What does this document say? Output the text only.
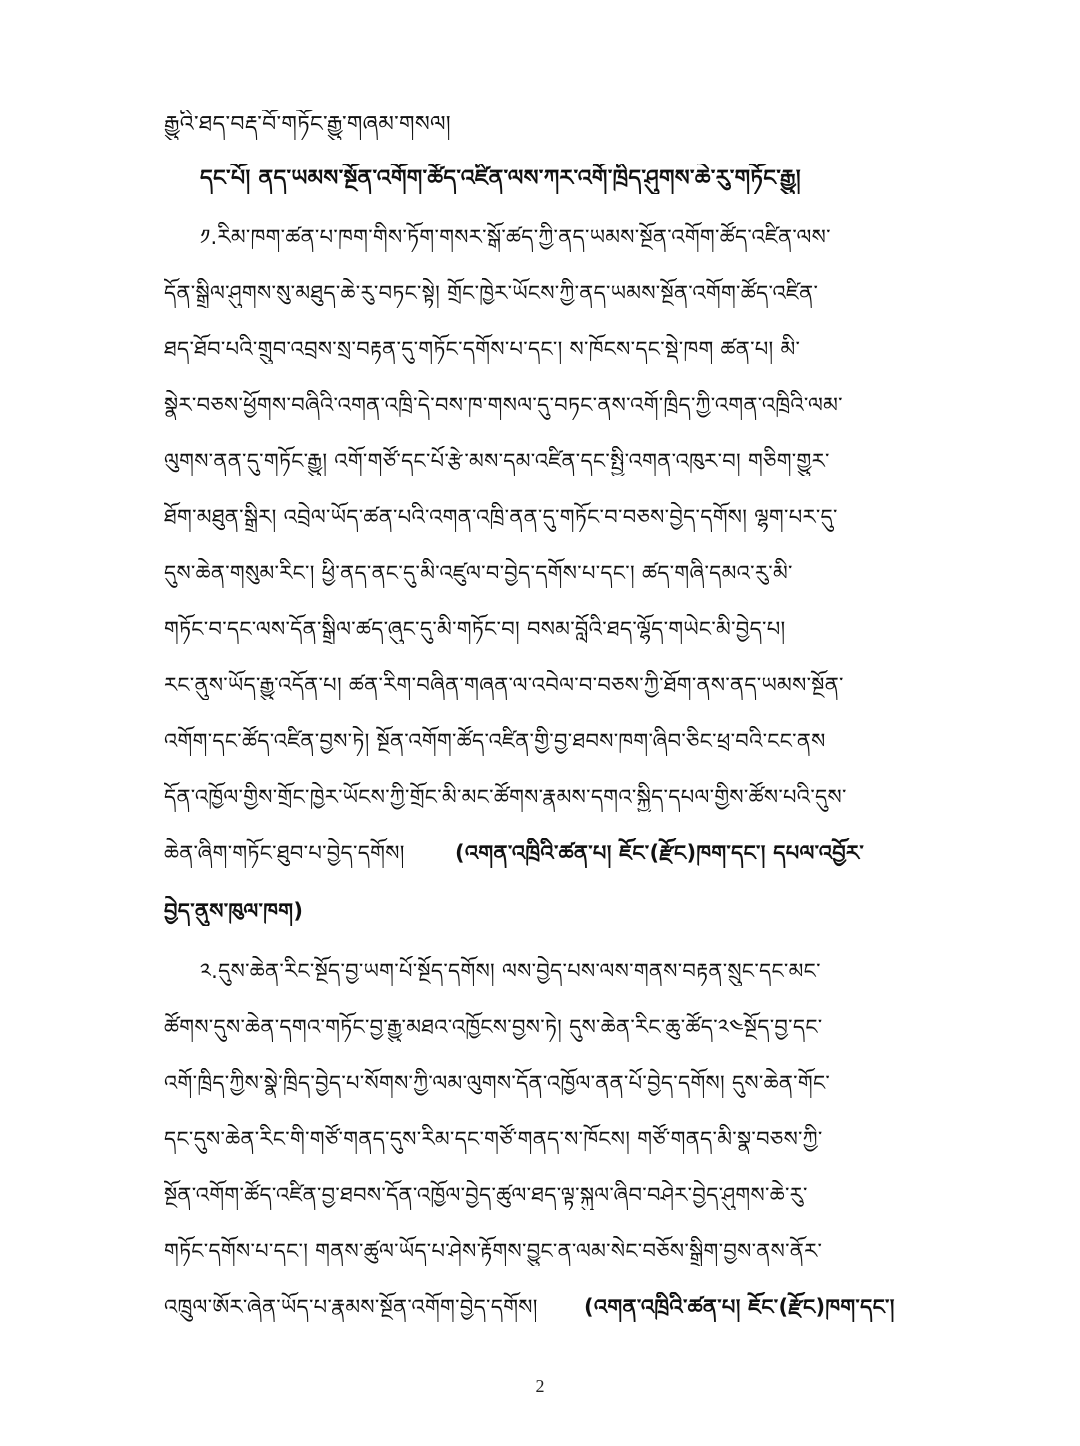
རྒྱུའི་ཐད་བརྡ་བོ་གཏོང་རྒྱུ་གཞམ་གསལ།
དང་པོ། ནད་ཡམས་སྔོན་འགོག་ཚོད་འཛིན་ལས་ཀར་འགོ་ཁྲིད་ཤུགས་ཆེ་རུ་གཏོང་རྒྱུ།
༡.རིམ་ཁག་ཚན་པ་ཁག་གིས་ཏོག་གསར་སྒོ་ཚད་ཀྱི་ནད་ཡམས་སྔོན་འགོག་ཚོད་འཛིན་ལས་
དོན་སྒྲིལ་ཤུགས་སུ་མཐུད་ཆེ་རུ་བཏང་སྟེ། གྲོང་ཁྱེར་ཡོངས་ཀྱི་ནད་ཡམས་སྔོན་འགོག་ཚོད་འཛིན་
ཐད་ཐོབ་པའི་གྲུབ་འབྲས་སྲ་བརྟན་དུ་གཏོང་དགོས་པ་དང་། ས་ཁོངས་དང་སྡེ་ཁག ཚན་པ། མི་
སྣེར་བཅས་ཕྱོགས་བཞིའི་འགན་འཁྲི་དེ་བས་ཁ་གསལ་དུ་བཏང་ནས་འགོ་ཁྲིད་ཀྱི་འགན་འཁྲིའི་ལམ་
ལུགས་ནན་དུ་གཏོང་རྒྱུ། འགོ་གཙོ་དང་པོ་རྩེ་མས་དམ་འཛིན་དང་སྤྱི་འགན་འཁུར་བ། གཅིག་གྱུར་
ཐོག་མཐུན་སྒྲིར། འབྲེལ་ཡོད་ཚན་པའི་འགན་འཁྲི་ནན་དུ་གཏོང་བ་བཅས་བྱེད་དགོས། ལྷག་པར་དུ་
དུས་ཆེན་གསུམ་རིང་། ཕྱི་ནད་ནང་དུ་མི་འཛུལ་བ་བྱེད་དགོས་པ་དང་། ཚད་གཞི་དམའ་རུ་མི་
གཏོང་བ་དང་ལས་དོན་སྒྲིལ་ཚད་ཞུང་དུ་མི་གཏོང་བ། བསམ་བློའི་ཐད་ལྷོད་གཡེང་མི་བྱེད་པ།
རང་ནུས་ཡོད་རྒྱུ་འདོན་པ། ཚན་རིག་བཞིན་གཞན་ལ་འབེལ་བ་བཅས་ཀྱི་ཐོག་ནས་ནད་ཡམས་སྔོན་
འགོག་དང་ཚོད་འཛིན་བྱས་ཏེ། སྔོན་འགོག་ཚོད་འཛིན་གྱི་བྱ་ཐབས་ཁག་ཞིབ་ཅིང་ཕྲ་བའི་ངང་ནས
དོན་འཁྱོལ་གྱིས་གྲོང་ཁྱེར་ཡོངས་ཀྱི་གྲོང་མི་མང་ཚོགས་རྣམས་དགའ་སྐྱིད་དཔལ་གྱིས་ཚོས་པའི་དུས་
ཆེན་ཞིག་གཏོང་ཐུབ་པ་བྱེད་དགོས།	(འགན་འཁྲིའི་ཚན་པ། ཇོང་(རྫོང)ཁག་དང་། དཔལ་འབྱོར་
བྱེད་ནུས་ཁུལ་ཁག)
༢.དུས་ཆེན་རིང་སྔོད་བྱ་ཡག་པོ་སྔོད་དགོས། ལས་བྱེད་པས་ལས་གནས་བརྟན་སྲུང་དང་མང་
ཚོགས་དུས་ཆེན་དགའ་གཏོང་བྱ་རྒྱུ་མཐའ་འཁྱོངས་བྱས་ཏེ། དུས་ཆེན་རིང་ཆུ་ཚོད་༢༤སྔོད་བྱ་དང་
འགོ་ཁྲིད་ཀྱིས་སྣེ་ཁྲིད་བྱེད་པ་སོགས་ཀྱི་ལམ་ལུགས་དོན་འཁྱོལ་ནན་པོ་བྱེད་དགོས། དུས་ཆེན་གོང་
དང་དུས་ཆེན་རིང་གི་གཙོ་གནད་དུས་རིམ་དང་གཙོ་གནད་ས་ཁོངས། གཙོ་གནད་མི་སྣ་བཅས་ཀྱི་
སྔོན་འགོག་ཚོད་འཛིན་བྱ་ཐབས་དོན་འཁྱོལ་བྱེད་ཚུལ་ཐད་ལྟ་སྐུལ་ཞིབ་བཤེར་བྱེད་ཤུགས་ཆེ་རུ་
གཏོང་དགོས་པ་དང་། གནས་ཚུལ་ཡོད་པ་ཤེས་རྟོགས་བྱུང་ན་ལམ་སེང་བཅོས་སྒྲིག་བྱས་ནས་ནོར་
འཁྲུལ་ཨོར་ཞེན་ཡོད་པ་རྣམས་སྔོན་འགོག་བྱེད་དགོས།	(འགན་འཁྲིའི་ཚན་པ། ཇོང་(རྫོང)ཁག་དང་།
2
